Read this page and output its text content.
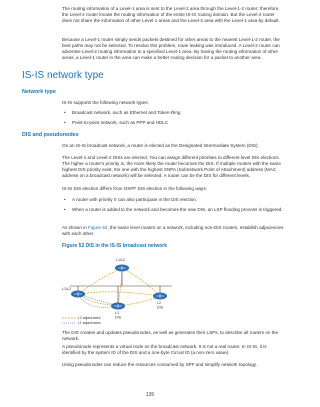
The routing information of a Level-1 area is sent to the Level-2 area through the Level-1-2 router; therefore, the Level-2 router knows the routing information of the entire IS-IS routing domain. But the Level-2 router does not share the information of other Level-1 areas and the Level-2 area with the Level-1 area by default.

Because a Level-1 router simply sends packets destined for other areas to the nearest Level-1-2 router, the best paths may not be selected. To resolve this problem, route leaking was introduced. A Level-2 router can advertise Level-2 routing information to a specified Level-1 area. By having the routing information of other areas, a Level-1 router in the area can make a better routing decision for a packet to another area.

IS-IS network type
Network type

IS-IS supports the following network types:

• Broadcast network, such as Ethernet and Token-Ring
• Point-to-point network, such as PPP and HDLC
DIS and pseudonodes

On an IS-IS broadcast network, a router is elected as the Designated Intermediate System (DIS).

The Level-1 and Level-2 DISs are elected. You can assign different priorities to different level DIS elections. The higher a router's priority is, the more likely the router becomes the DIS. If multiple routers with the same highest DIS priority exist, the one with the highest SNPA (Subnetwork Point of Attachment) address (MAC address on a broadcast network) will be selected. A router can be the DIS for different levels.

IS-IS DIS election differs from OSPF DIS election in the following ways:

• A router with priority 0 can also participate in the DIS election.
• When a router is added to the network and becomes the new DIS, an LSP flooding process is triggered.

As shown in Figure 52, the same level routers on a network, including non-DIS routers, establish adjacencies with each other.

Figure 52 DIS in the IS-IS broadcast network
L1/L2
L1/L2
L1
DIS
L2
DIS
L2 adjacencies
L1 adjacencies

The DIS creates and updates pseudonodes, as well as generates their LSPs, to describe all routers on the network.

A pseudonode represents a virtual node on the broadcast network. It is not a real router. In IS-IS, it is identified by the system ID of the DIS and a one-byte Circuit ID (a non-zero value).

Using pseudonodes can reduce the resources consumed by SPF and simplify network topology.

135
